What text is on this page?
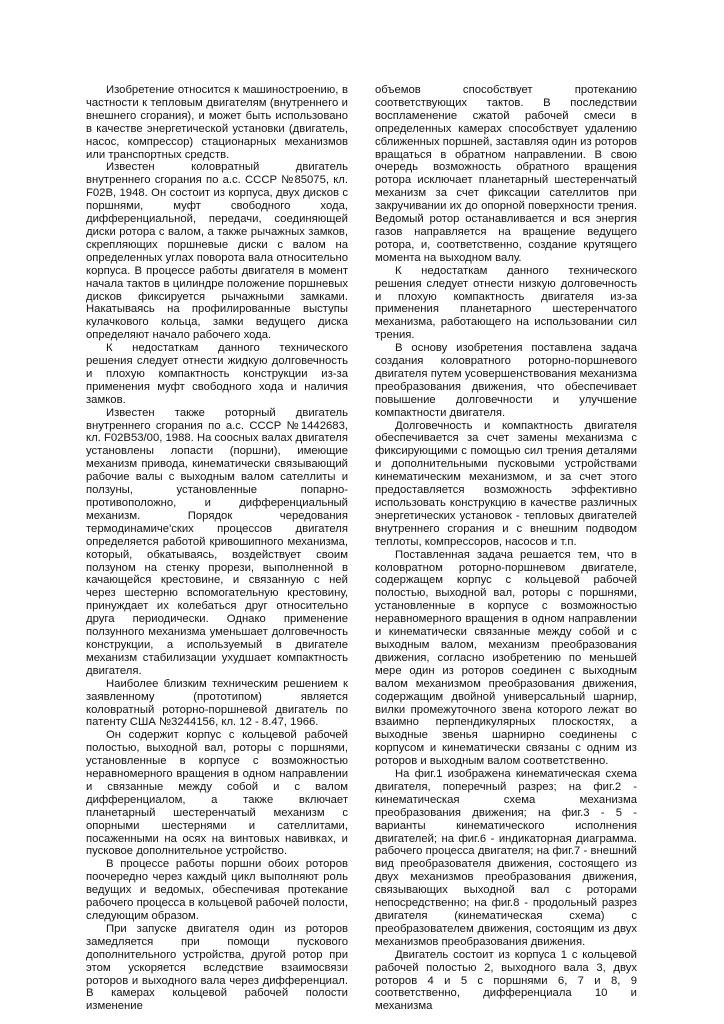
Изобретение относится к машиностроению, в частности к тепловым двигателям (внутреннего и внешнего сгорания), и может быть использовано в качестве энергетической установки (двигатель, насос, компрессор) стационарных механизмов или транспортных средств.

Известен коловратный двигатель внутреннего сгорания по а.с. СССР №85075, кл. F02B, 1948. Он состоит из корпуса, двух дисков с поршнями, муфт свободного хода, дифференциальной, передачи, соединяющей диски ротора с валом, а также рычажных замков, скрепляющих поршневые диски с валом на определенных углах поворота вала относительно корпуса. В процессе работы двигателя в момент начала тактов в цилиндре положение поршневых дисков фиксируется рычажными замками. Накатываясь на профилированные выступы кулачкового кольца, замки ведущего диска определяют начало рабочего хода.

К недостаткам данного технического решения следует отнести жидкую долговечность и плохую компактность конструкции из-за применения муфт свободного хода и наличия замков.

Известен также роторный двигатель внутреннего сгорания по а.с. СССР №1442683, кл. F02B53/00, 1988. На соосных валах двигателя установлены лопасти (поршни), имеющие механизм привода, кинематически связывающий рабочие валы с выходным валом сателлиты и ползуны, установленные попарно-противоположно, и дифференциальный механизм. Порядок чередования термодинамиче'ских процессов двигателя определяется работой кривошипного механизма, который, обкатываясь, воздействует своим ползуном на стенку прорези, выполненной в качающейся крестовине, и связанную с ней через шестерню вспомогательную крестовину, принуждает их колебаться друг относительно друга периодически. Однако применение ползунного механизма уменьшает долговечность конструкции, а используемый в двигателе механизм стабилизации ухудшает компактность двигателя.

Наиболее близким техническим решением к заявленному (прототипом) является коловратный роторно-поршневой двигатель по патенту США №3244156, кл. 12 - 8.47, 1966.

Он содержит корпус с кольцевой рабочей полостью, выходной вал, роторы с поршнями, установленные в корпусе с возможностью неравномерного вращения в одном направлении и связанные между собой и с валом дифференциалом, а также включает планетарный шестеренчатый механизм с опорными шестернями и сателлитами, посаженными на осях на винтовых навивках, и пусковое дополнительное устройство.

В процессе работы поршни обоих роторов поочередно через каждый цикл выполняют роль ведущих и ведомых, обеспечивая протекание рабочего процесса в кольцевой рабочей полости, следующим образом.

При запуске двигателя один из роторов замедляется при помощи пускового дополнительного устройства, другой ротор при этом ускоряется вследствие взаимосвязи роторов и выходного вала через дифференциал. В камерах кольцевой рабочей полости изменение

объемов способствует протеканию соответствующих тактов. В последствии воспламенение сжатой рабочей смеси в определенных камерах способствует удалению сближенных поршней, заставляя один из роторов вращаться в обратном направлении. В свою очередь возможность обратного вращения ротора исключает планетарный шестеренчатый механизм за счет фиксации сателлитов при закручивании их до опорной поверхности трения. Ведомый ротор останавливается и вся энергия газов направляется на вращение ведущего ротора, и, соответственно, создание крутящего момента на выходном валу.

К недостаткам данного технического решения следует отнести низкую долговечность и плохую компактность двигателя из-за применения планетарного шестеренчатого механизма, работающего на использовании сил трения.

В основу изобретения поставлена задача создания коловратного роторно-поршневого двигателя путем усовершенствования механизма преобразования движения, что обеспечивает повышение долговечности и улучшение компактности двигателя.

Долговечность и компактность двигателя обеспечивается за счет замены механизма с фиксирующими с помощью сил трения деталями и дополнительными пусковыми устройствами кинематическим механизмом, и за счет этого предоставляется возможность эффективно использовать конструкцию в качестве различных энергетических установок - тепловых двигателей внутреннего сгорания и с внешним подводом теплоты, компрессоров, насосов и т.п.

Поставленная задача решается тем, что в коловратном роторно-поршневом двигателе, содержащем корпус с кольцевой рабочей полостью, выходной вал, роторы с поршнями, установленные в корпусе с возможностью неравномерного вращения в одном направлении и кинематически связанные между собой и с выходным валом, механизм преобразования движения, согласно изобретению по меньшей мере один из роторов соединен с выходным валом механизмом преобразования движения, содержащим двойной универсальный шарнир, вилки промежуточного звена которого лежат во взаимно перпендикулярных плоскостях, а выходные звенья шарнирно соединены с корпусом и кинематически связаны с одним из роторов и выходным валом соответственно.

На фиг.1 изображена кинематическая схема двигателя, поперечный разрез; на фиг.2 - кинематическая схема механизма преобразования движения; на фиг.3 - 5 - варианты кинематического исполнения двигателей; на фиг.6 - индикаторная диаграмма. рабочего процесса двигателя; на фиг.7 - внешний вид преобразователя движения, состоящего из двух механизмов преобразования движения, связывающих выходной вал с роторами непосредственно; на фиг.8 - продольный разрез двигателя (кинематическая схема) с преобразователем движения, состоящим из двух механизмов преобразования движения.

Двигатель состоит из корпуса 1 с кольцевой рабочей полостью 2, выходного вала 3, двух роторов 4 и 5 с поршнями 6, 7 и 8, 9 соответственно, дифференциала 10 и механизма
